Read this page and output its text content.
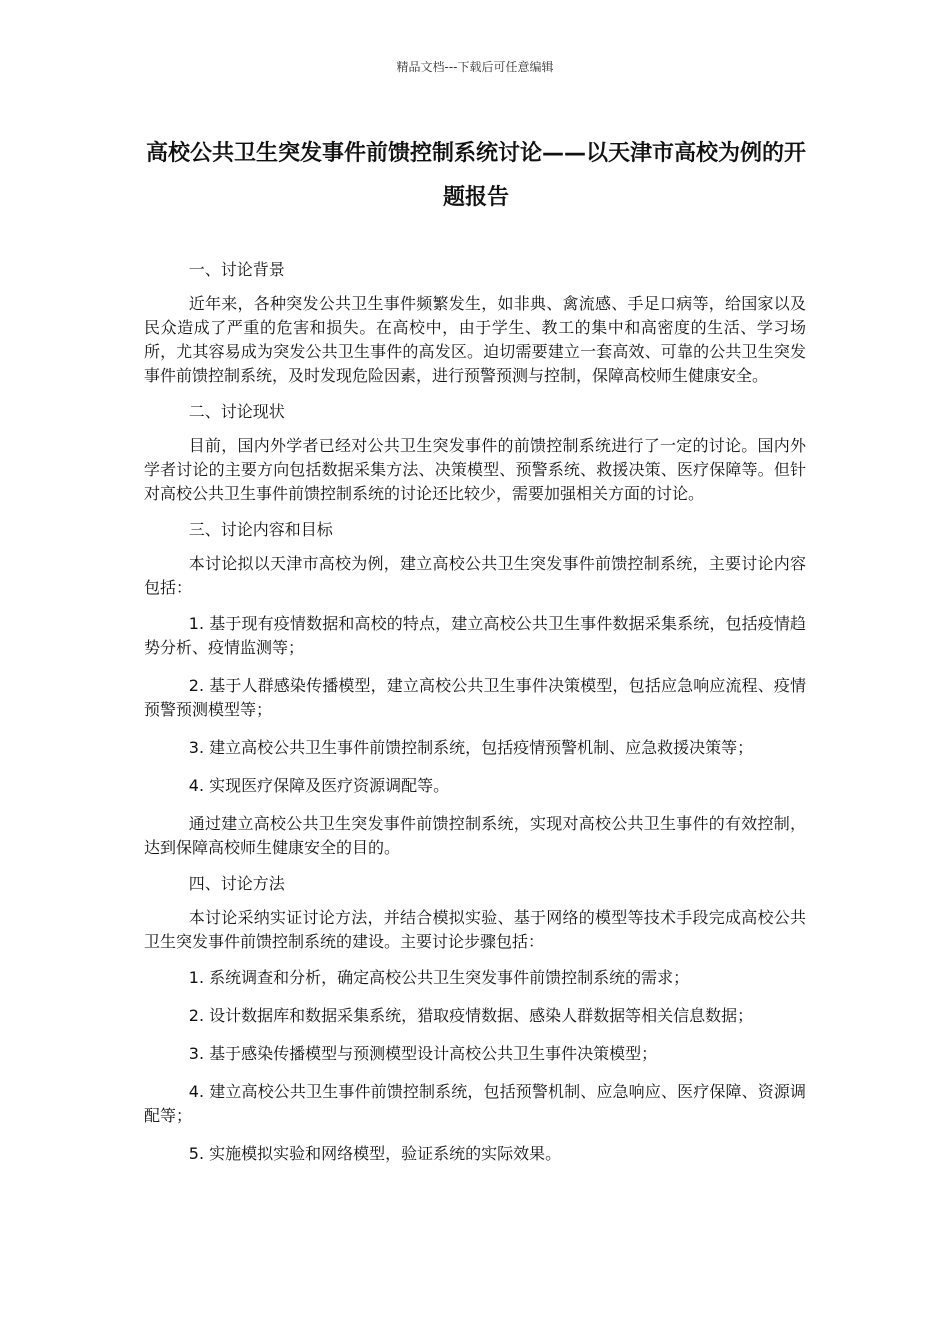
精品文档---下载后可任意编辑
高校公共卫生突发事件前馈控制系统讨论——以天津市高校为例的开题报告

一、讨论背景

近年来，各种突发公共卫生事件频繁发生，如非典、禽流感、手足口病等，给国家以及民众造成了严重的危害和损失。在高校中，由于学生、教工的集中和高密度的生活、学习场所，尤其容易成为突发公共卫生事件的高发区。迫切需要建立一套高效、可靠的公共卫生突发事件前馈控制系统，及时发现危险因素，进行预警预测与控制，保障高校师生健康安全。

二、讨论现状

目前，国内外学者已经对公共卫生突发事件的前馈控制系统进行了一定的讨论。国内外学者讨论的主要方向包括数据采集方法、决策模型、预警系统、救援决策、医疗保障等。但针对高校公共卫生事件前馈控制系统的讨论还比较少，需要加强相关方面的讨论。

三、讨论内容和目标

本讨论拟以天津市高校为例，建立高校公共卫生突发事件前馈控制系统，主要讨论内容包括：

1. 基于现有疫情数据和高校的特点，建立高校公共卫生事件数据采集系统，包括疫情趋势分析、疫情监测等；

2. 基于人群感染传播模型，建立高校公共卫生事件决策模型，包括应急响应流程、疫情预警预测模型等；

3. 建立高校公共卫生事件前馈控制系统，包括疫情预警机制、应急救援决策等；

4. 实现医疗保障及医疗资源调配等。

通过建立高校公共卫生突发事件前馈控制系统，实现对高校公共卫生事件的有效控制，达到保障高校师生健康安全的目的。

四、讨论方法

本讨论采纳实证讨论方法，并结合模拟实验、基于网络的模型等技术手段完成高校公共卫生突发事件前馈控制系统的建设。主要讨论步骤包括：

1. 系统调查和分析，确定高校公共卫生突发事件前馈控制系统的需求；

2. 设计数据库和数据采集系统，猎取疫情数据、感染人群数据等相关信息数据；

3. 基于感染传播模型与预测模型设计高校公共卫生事件决策模型；

4. 建立高校公共卫生事件前馈控制系统，包括预警机制、应急响应、医疗保障、资源调配等；

5. 实施模拟实验和网络模型，验证系统的实际效果。
